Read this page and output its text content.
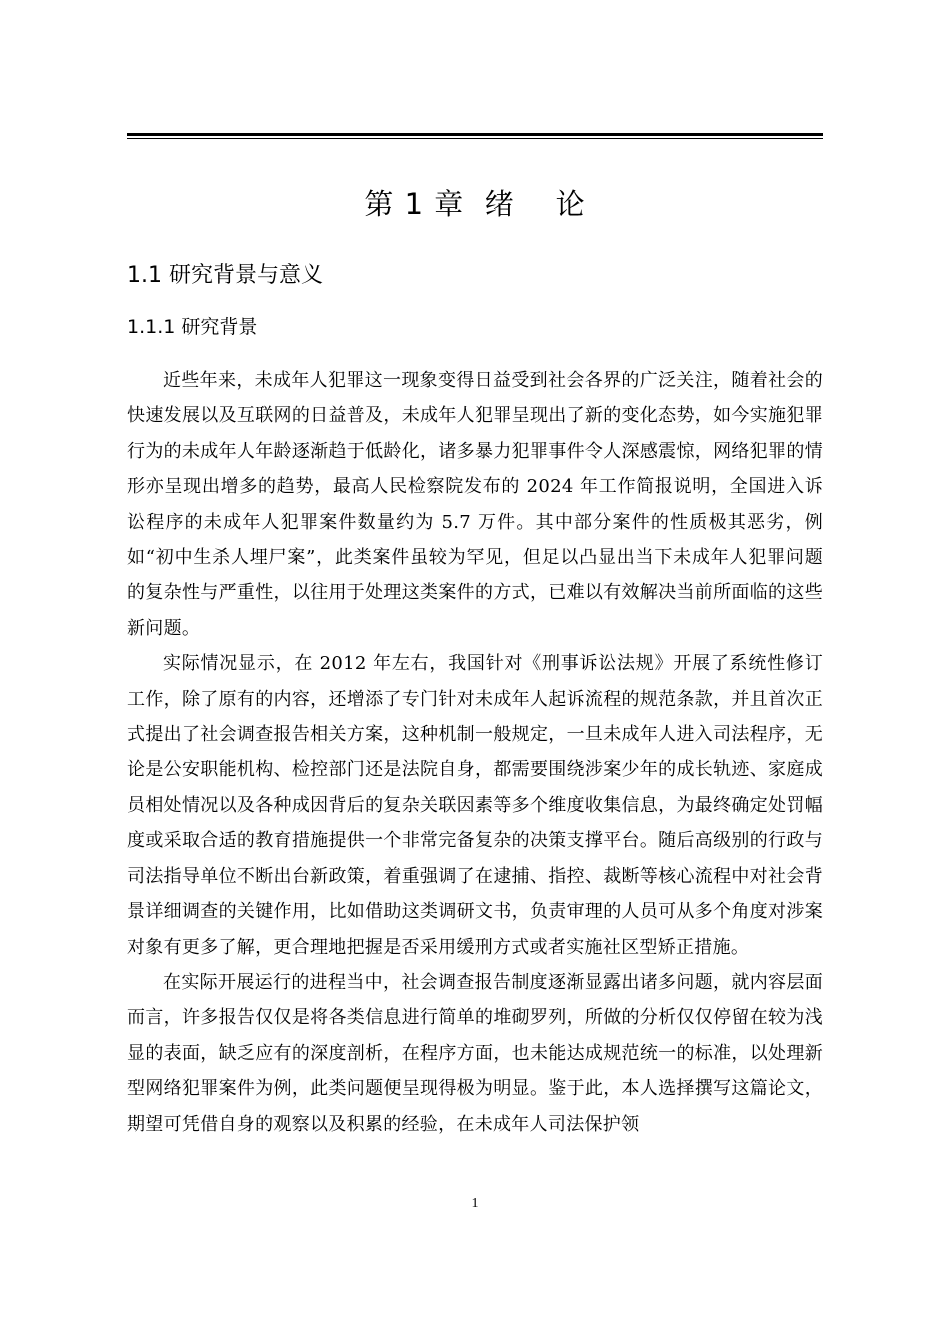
第 1 章  绪    论
1.1 研究背景与意义
1.1.1 研究背景

近些年来，未成年人犯罪这一现象变得日益受到社会各界的广泛关注，随着社会的快速发展以及互联网的日益普及，未成年人犯罪呈现出了新的变化态势，如今实施犯罪行为的未成年人年龄逐渐趋于低龄化，诸多暴力犯罪事件令人深感震惊，网络犯罪的情形亦呈现出增多的趋势，最高人民检察院发布的 2024 年工作简报说明，全国进入诉讼程序的未成年人犯罪案件数量约为 5.7 万件。其中部分案件的性质极其恶劣，例如“初中生杀人埋尸案”，此类案件虽较为罕见，但足以凸显出当下未成年人犯罪问题的复杂性与严重性，以往用于处理这类案件的方式，已难以有效解决当前所面临的这些新问题。

实际情况显示，在 2012 年左右，我国针对《刑事诉讼法规》开展了系统性修订工作，除了原有的内容，还增添了专门针对未成年人起诉流程的规范条款，并且首次正式提出了社会调查报告相关方案，这种机制一般规定，一旦未成年人进入司法程序，无论是公安职能机构、检控部门还是法院自身，都需要围绕涉案少年的成长轨迹、家庭成员相处情况以及各种成因背后的复杂关联因素等多个维度收集信息，为最终确定处罚幅度或采取合适的教育措施提供一个非常完备复杂的决策支撑平台。随后高级别的行政与司法指导单位不断出台新政策，着重强调了在逮捕、指控、裁断等核心流程中对社会背景详细调查的关键作用，比如借助这类调研文书，负责审理的人员可从多个角度对涉案对象有更多了解，更合理地把握是否采用缓刑方式或者实施社区型矫正措施。

在实际开展运行的进程当中，社会调查报告制度逐渐显露出诸多问题，就内容层面而言，许多报告仅仅是将各类信息进行简单的堆砌罗列，所做的分析仅仅停留在较为浅显的表面，缺乏应有的深度剖析，在程序方面，也未能达成规范统一的标准，以处理新型网络犯罪案件为例，此类问题便呈现得极为明显。鉴于此，本人选择撰写这篇论文，期望可凭借自身的观察以及积累的经验，在未成年人司法保护领

1
